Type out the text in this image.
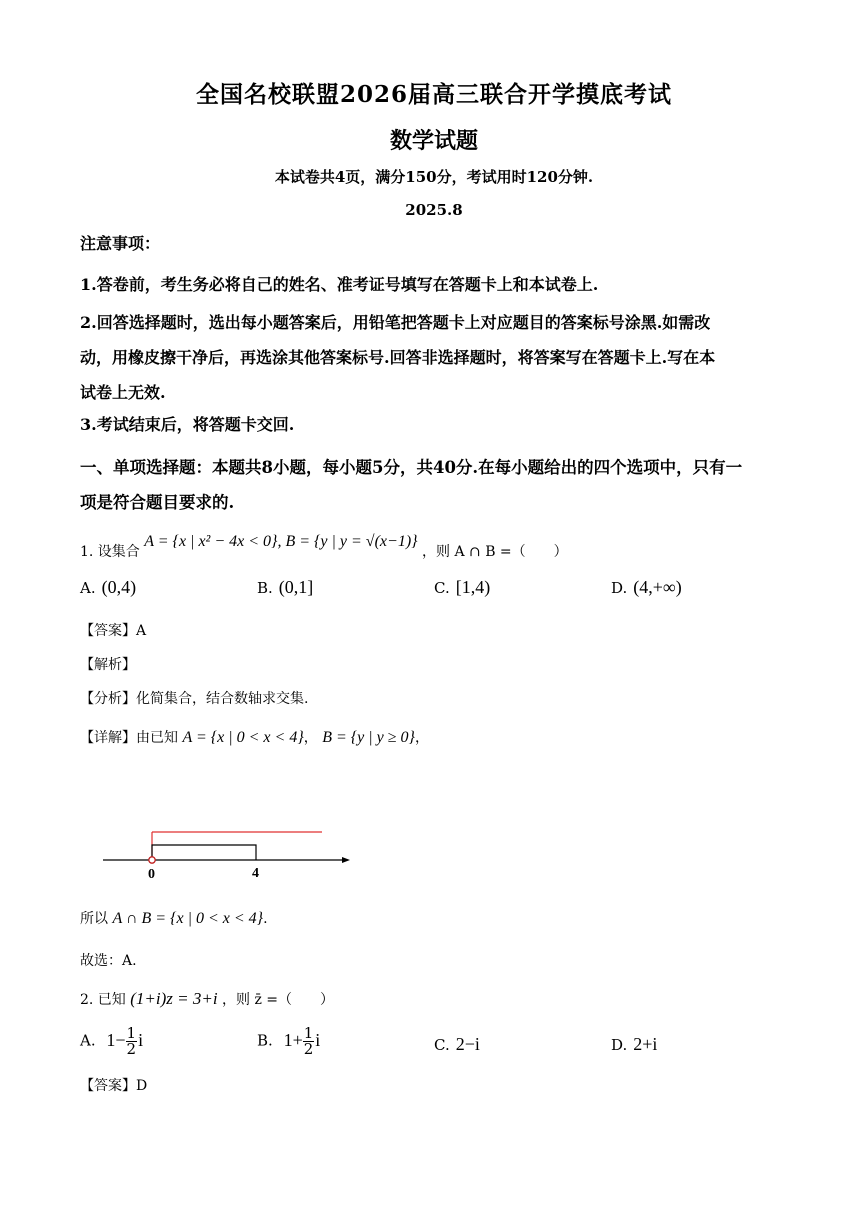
全国名校联盟2026届高三联合开学摸底考试
数学试题
本试卷共4页，满分150分，考试用时120分钟.
2025.8
注意事项：
1.答卷前，考生务必将自己的姓名、准考证号填写在答题卡上和本试卷上.
2.回答选择题时，选出每小题答案后，用铅笔把答题卡上对应题目的答案标号涂黑.如需改
动，用橡皮擦干净后，再选涂其他答案标号.回答非选择题时，将答案写在答题卡上.写在本
试卷上无效.
3.考试结束后，将答题卡交回.
一、单项选择题：本题共8小题，每小题5分，共40分.在每小题给出的四个选项中，只有一
项是符合题目要求的.
1. 设集合 A = {x | x² − 4x < 0}, B = {y | y = √(x−1)} ，则 A ∩ B =（　　）
A. (0,4)	B. (0,1]	C. [1,4)	D. (4,+∞)
【答案】A
【解析】
【分析】化简集合，结合数轴求交集.
【详解】由已知 A = {x | 0 < x < 4}， B = {y | y ≥ 0}，
0	4
所以 A ∩ B = {x | 0 < x < 4}.
故选：A.
2. 已知 (1+i)z = 3+i ，则 z̄ =（　　）
A. $1- \frac{1}{2}$ i	B. $1+ \frac{1}{2}$ i	C. 2−i	D. 2+i
【答案】D
